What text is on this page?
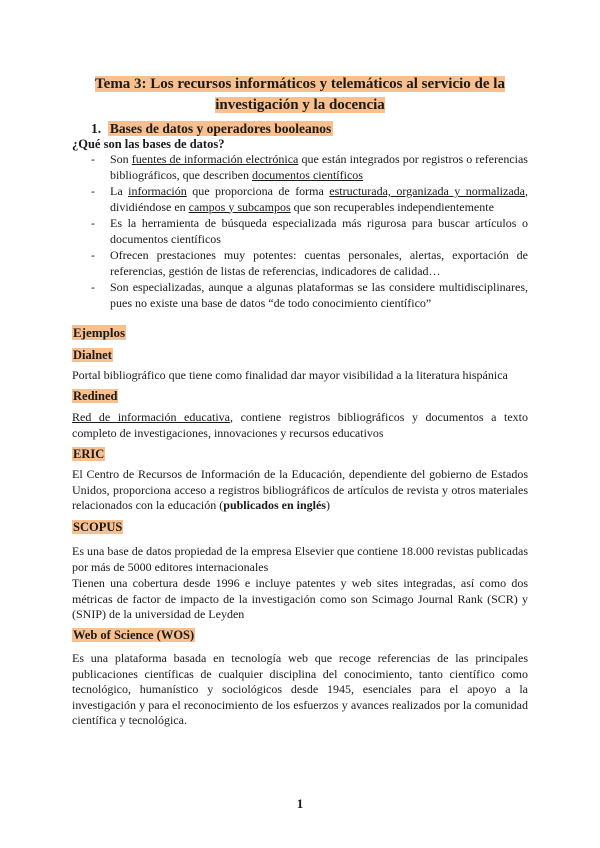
Tema 3: Los recursos informáticos y telemáticos al servicio de la investigación y la docencia
1. Bases de datos y operadores booleanos
¿Qué son las bases de datos?
- Son fuentes de información electrónica que están integrados por registros o referencias bibliográficos, que describen documentos científicos
- La información que proporciona de forma estructurada, organizada y normalizada, dividiéndose en campos y subcampos que son recuperables independientemente
- Es la herramienta de búsqueda especializada más rigurosa para buscar artículos o documentos científicos
- Ofrecen prestaciones muy potentes: cuentas personales, alertas, exportación de referencias, gestión de listas de referencias, indicadores de calidad…
- Son especializadas, aunque a algunas plataformas se las considere multidisciplinares, pues no existe una base de datos “de todo conocimiento científico”
Ejemplos
Dialnet
Portal bibliográfico que tiene como finalidad dar mayor visibilidad a la literatura hispánica
Redined
Red de información educativa, contiene registros bibliográficos y documentos a texto completo de investigaciones, innovaciones y recursos educativos
ERIC
El Centro de Recursos de Información de la Educación, dependiente del gobierno de Estados Unidos, proporciona acceso a registros bibliográficos de artículos de revista y otros materiales relacionados con la educación (publicados en inglés)
SCOPUS
Es una base de datos propiedad de la empresa Elsevier que contiene 18.000 revistas publicadas por más de 5000 editores internacionales
Tienen una cobertura desde 1996 e incluye patentes y web sites integradas, así como dos métricas de factor de impacto de la investigación como son Scimago Journal Rank (SCR) y (SNIP) de la universidad de Leyden
Web of Science (WOS)
Es una plataforma basada en tecnología web que recoge referencias de las principales publicaciones científicas de cualquier disciplina del conocimiento, tanto científico como tecnológico, humanístico y sociológicos desde 1945, esenciales para el apoyo a la investigación y para el reconocimiento de los esfuerzos y avances realizados por la comunidad científica y tecnológica.
1
